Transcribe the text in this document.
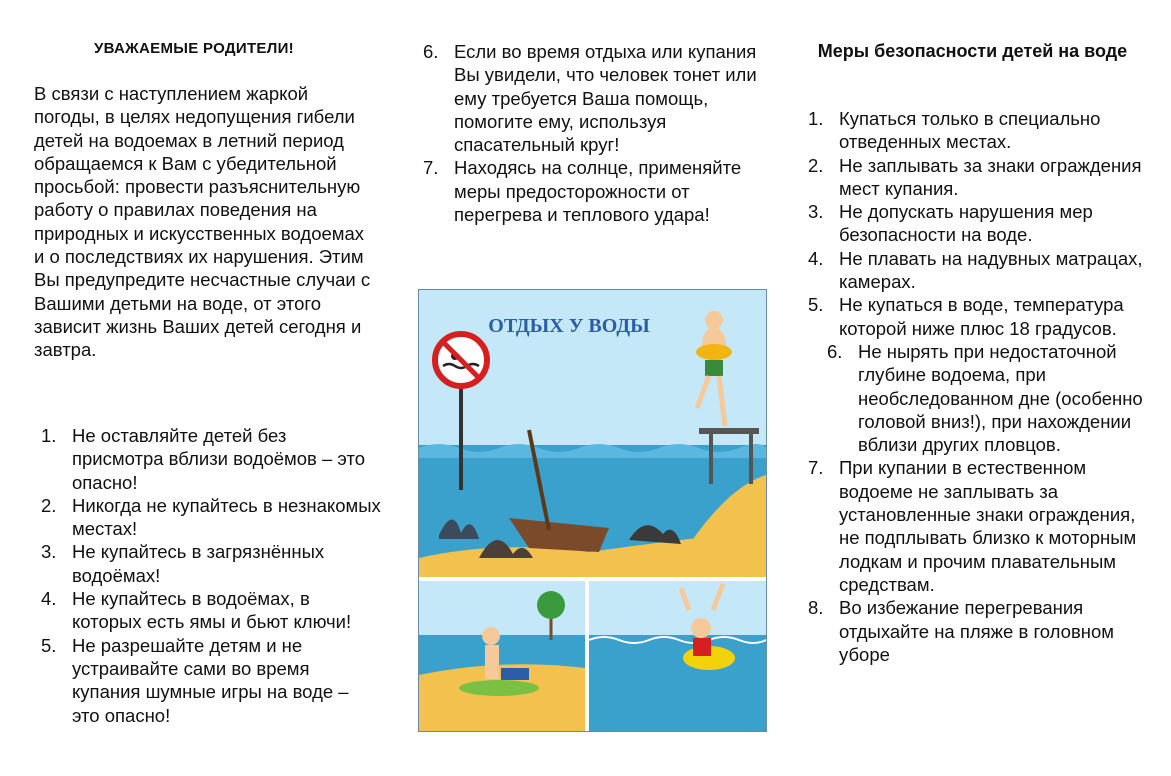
УВАЖАЕМЫЕ РОДИТЕЛИ!
В связи с наступлением жаркой погоды, в целях недопущения гибели детей на водоемах в летний период обращаемся к Вам с убедительной просьбой: провести разъяснительную работу о правилах поведения на природных и искусственных водоемах и о последствиях их нарушения. Этим Вы предупредите несчастные случаи с Вашими детьми на воде, от этого зависит жизнь Ваших детей сегодня и завтра.
1. Не оставляйте детей без присмотра вблизи водоёмов – это опасно!
2. Никогда не купайтесь в незнакомых местах!
3. Не купайтесь в загрязнённых водоёмах!
4. Не купайтесь в водоёмах, в которых есть ямы и бьют ключи!
5. Не разрешайте детям и не устраивайте сами во время купания шумные игры на воде – это опасно!
6. Если во время отдыха или купания Вы увидели, что человек тонет или ему требуется Ваша помощь, помогите ему, используя спасательный круг!
7. Находясь на солнце, применяйте меры предосторожности от перегрева и теплового удара!
ОТДЫХ У ВОДЫ
Меры безопасности детей на воде
1. Купаться только в специально отведенных местах.
2. Не заплывать за знаки ограждения мест купания.
3. Не допускать нарушения мер безопасности на воде.
4. Не плавать на надувных матрацах, камерах.
5. Не купаться в воде, температура которой ниже плюс 18 градусов.
6. Не нырять при недостаточной глубине водоема, при необследованном дне (особенно головой вниз!), при нахождении вблизи других пловцов.
7. При купании в естественном водоеме не заплывать за установленные знаки ограждения, не подплывать близко к моторным лодкам и прочим плавательным средствам.
8. Во избежание перегревания отдыхайте на пляже в головном уборе
